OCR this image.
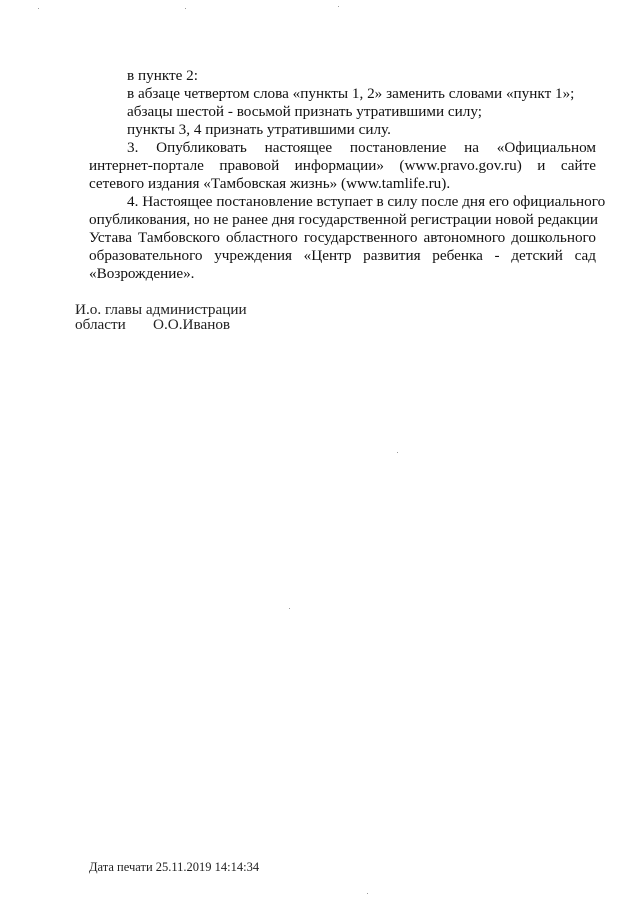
в пункте 2:
в абзаце четвертом слова «пункты 1, 2» заменить словами «пункт 1»;
абзацы шестой - восьмой признать утратившими силу;
пункты 3, 4 признать утратившими силу.
3. Опубликовать настоящее постановление на «Официальном
интернет-портале правовой информации» (www.pravo.gov.ru) и сайте
сетевого издания «Тамбовская жизнь» (www.tamlife.ru).
4. Настоящее постановление вступает в силу после дня его официального
опубликования, но не ранее дня государственной регистрации новой редакции
Устава Тамбовского областного государственного автономного дошкольного
образовательного учреждения «Центр развития ребенка - детский сад
«Возрождение».
И.о. главы администрации
области О.О.Иванов
Дата печати 25.11.2019 14:14:34
